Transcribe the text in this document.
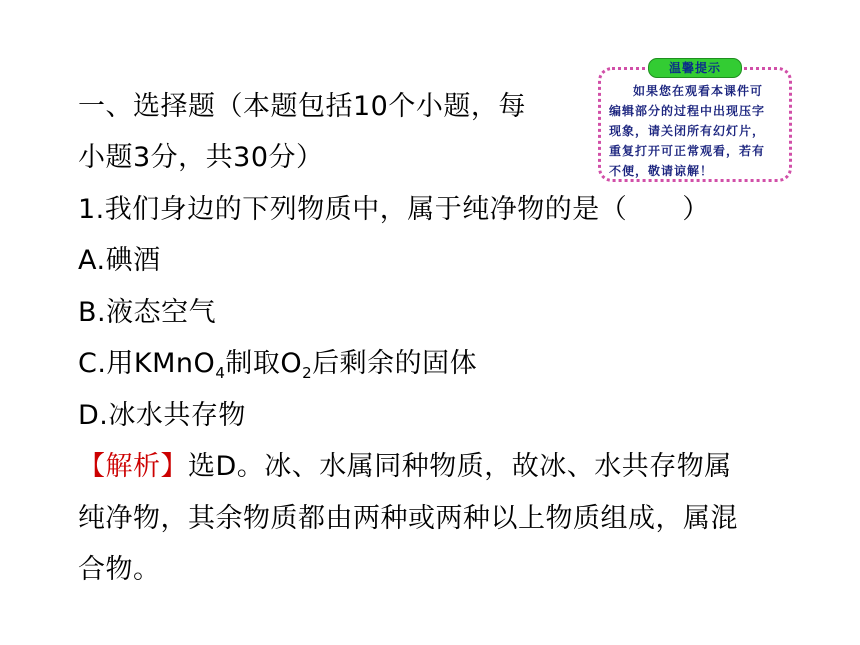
一、选择题（本题包括10个小题，每
小题3分，共30分）
1.我们身边的下列物质中，属于纯净物的是（　　）
A.碘酒
B.液态空气
C.用KMnO$_4$制取$O_2$后剩余的固体
D.冰水共存物
【解析】选D。冰、水属同种物质，故冰、水共存物属
纯净物，其余物质都由两种或两种以上物质组成，属混
合物。
温馨提示
如果您在观看本课件可
编辑部分的过程中出现压字
现象，请关闭所有幻灯片，
重复打开可正常观看，若有
不便，敬请谅解！
